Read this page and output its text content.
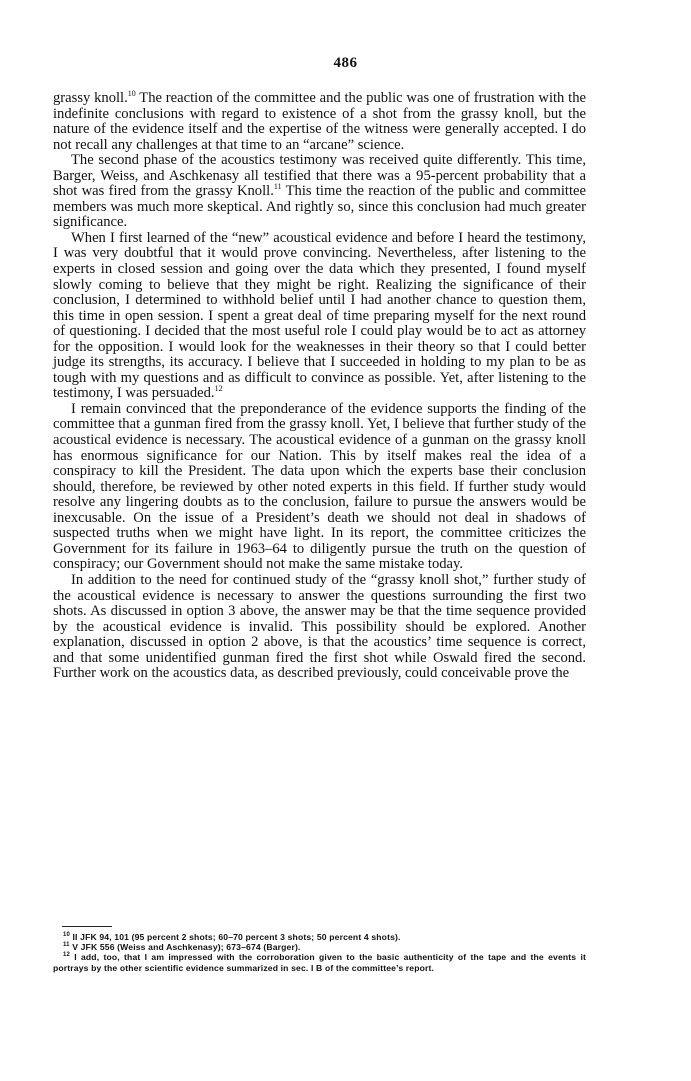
486

grassy knoll.$^{10}$ The reaction of the committee and the public was one of frustration with the indefinite conclusions with regard to existence of a shot from the grassy knoll, but the nature of the evidence itself and the expertise of the witness were generally accepted. I do not recall any challenges at that time to an “arcane” science.

The second phase of the acoustics testimony was received quite differently. This time, Barger, Weiss, and Aschkenasy all testified that there was a 95-percent probability that a shot was fired from the grassy Knoll.$^{11}$ This time the reaction of the public and committee members was much more skeptical. And rightly so, since this conclusion had much greater significance.

When I first learned of the “new” acoustical evidence and before I heard the testimony, I was very doubtful that it would prove convincing. Nevertheless, after listening to the experts in closed session and going over the data which they presented, I found myself slowly coming to believe that they might be right. Realizing the significance of their conclusion, I determined to withhold belief until I had another chance to question them, this time in open session. I spent a great deal of time preparing myself for the next round of questioning. I decided that the most useful role I could play would be to act as attorney for the opposition. I would look for the weaknesses in their theory so that I could better judge its strengths, its accuracy. I believe that I succeeded in holding to my plan to be as tough with my questions and as difficult to convince as possible. Yet, after listening to the testimony, I was persuaded.$^{12}$

I remain convinced that the preponderance of the evidence supports the finding of the committee that a gunman fired from the grassy knoll. Yet, I believe that further study of the acoustical evidence is necessary. The acoustical evidence of a gunman on the grassy knoll has enormous significance for our Nation. This by itself makes real the idea of a conspiracy to kill the President. The data upon which the experts base their conclusion should, therefore, be reviewed by other noted experts in this field. If further study would resolve any lingering doubts as to the conclusion, failure to pursue the answers would be inexcusable. On the issue of a President’s death we should not deal in shadows of suspected truths when we might have light. In its report, the committee criticizes the Government for its failure in 1963–64 to diligently pursue the truth on the question of conspiracy; our Government should not make the same mistake today.

In addition to the need for continued study of the “grassy knoll shot,” further study of the acoustical evidence is necessary to answer the questions surrounding the first two shots. As discussed in option 3 above, the answer may be that the time sequence provided by the acoustical evidence is invalid. This possibility should be explored. Another explanation, discussed in option 2 above, is that the acoustics’ time sequence is correct, and that some unidentified gunman fired the first shot while Oswald fired the second. Further work on the acoustics data, as described previously, could conceivable prove the

$^{10}$ II JFK 94, 101 (95 percent 2 shots; 60–70 percent 3 shots; 50 percent 4 shots).

$^{11}$ V JFK 556 (Weiss and Aschkenasy); 673–674 (Barger).

$^{12}$ I add, too, that I am impressed with the corroboration given to the basic authenticity of the tape and the events it portrays by the other scientific evidence summarized in sec. I B of the committee’s report.
